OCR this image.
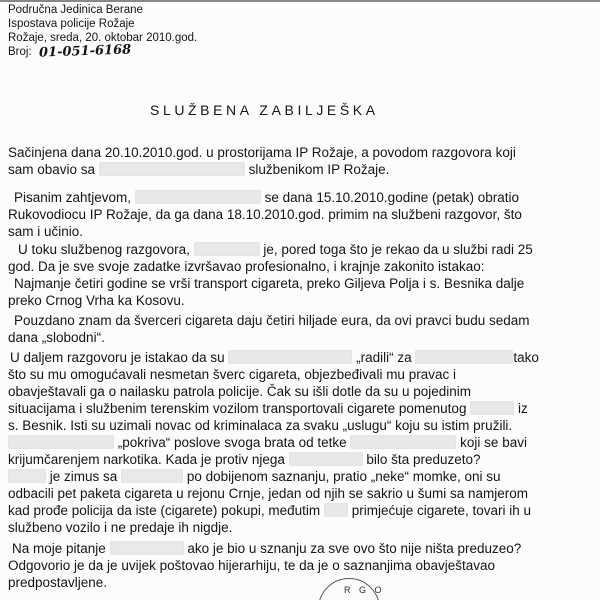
Područna Jedinica Berane
Ispostava policije Rožaje
Rožaje, sreda, 20. oktobar 2010.god.
Broj: 01-051-6168
SLUŽBENA ZABILJEŠKA
Sačinjena dana 20.10.2010.god. u prostorijama IP Rožaje, a povodom razgovora koji
sam obavio sa	službenikom IP Rožaje.
Pisanim zahtjevom,	se dana 15.10.2010.godine (petak) obratio
Rukovodiocu IP Rožaje, da ga dana 18.10.2010.god. primim na službeni razgovor, što
sam i učinio.
U toku službenog razgovora,	je, pored toga što je rekao da u službi radi 25
god. Da je sve svoje zadatke izvršavao profesionalno, i krajnje zakonito istakao:
Najmanje četiri godine se vrši transport cigareta, preko Giljeva Polja i s. Besnika dalje
preko Crnog Vrha ka Kosovu.
Pouzdano znam da šverceri cigareta daju četiri hiljade eura, da ovi pravci budu sedam
dana „slobodni“.
U daljem razgovoru je istakao da su	„radili“ za	tako
što su mu omogućavali nesmetan šverc cigareta, objezbeđivali mu pravac i
obavještavali ga o nailasku patrola policije. Čak su išli dotle da su u pojedinim
situacijama i službenim terenskim vozilom transportovali cigarete pomenutog	iz
s. Besnik. Isti su uzimali novac od kriminalaca za svaku „uslugu“ koju su istim pružili.
„pokriva“ poslove svoga brata od tetke	koji se bavi
krijumčarenjem narkotika. Kada je protiv njega	bilo šta preduzeto?
je zimus sa	po dobijenom saznanju, pratio „neke“ momke, oni su
odbacili pet paketa cigareta u rejonu Crnje, jedan od njih se sakrio u šumi sa namjerom
kad prođe policija da iste (cigarete) pokupi, međutim primjećuje cigarete, tovari ih u
službeno vozilo i ne predaje ih nigdje.
Na moje pitanje	ako je bio u sznanju za sve ovo što nije ništa preduzeo?
Odgovorio je da je uvijek poštovao hijerarhiju, te da je o saznanjima obavještavao
predpostavljene.	R G O
